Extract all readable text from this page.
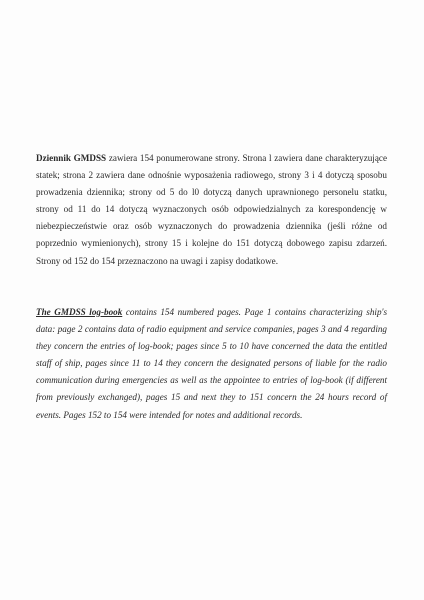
Dziennik GMDSS zawiera 154 ponumerowane strony. Strona l zawiera dane charakteryzujące statek; strona 2 zawiera dane odnośnie wyposażenia radiowego, strony 3 i 4 dotyczą sposobu prowadzenia dziennika; strony od 5 do l0 dotyczą danych uprawnionego personelu statku, strony od 11 do 14 dotyczą wyznaczonych osób odpowiedzialnych za korespondencję w niebezpieczeństwie oraz osób wyznaczonych do prowadzenia dziennika (jeśli różne od poprzednio wymienionych), strony 15 i kolejne do 151 dotyczą dobowego zapisu zdarzeń. Strony od 152 do 154 przeznaczono na uwagi i zapisy dodatkowe.

The GMDSS log-book contains 154 numbered pages. Page 1 contains characterizing ship's data: page 2 contains data of radio equipment and service companies, pages 3 and 4 regarding they concern the entries of log-book; pages since 5 to 10 have concerned the data the entitled staff of ship, pages since 11 to 14 they concern the designated persons of liable for the radio communication during emergencies as well as the appointee to entries of log-book (if different from previously exchanged), pages 15 and next they to 151 concern the 24 hours record of events. Pages 152 to 154 were intended for notes and additional records.
